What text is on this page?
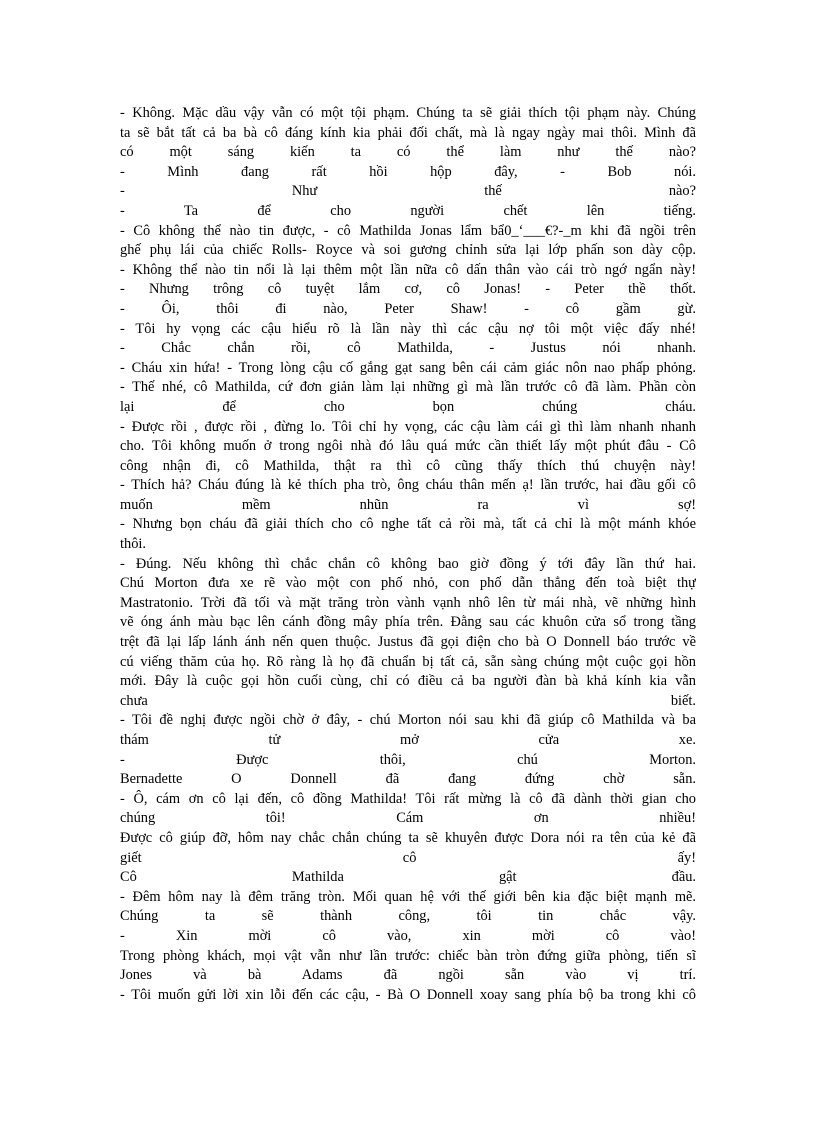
- Không. Mặc dầu vậy vẫn có một tội phạm. Chúng ta sẽ giải thích tội phạm này. Chúng
ta sẽ bắt tất cả ba bà cô đáng kính kia phải đối chất, mà là ngay ngày mai thôi. Mình đã
có một sáng kiến ta có thể làm như thế nào?
- Mình đang rất hồi hộp đây, - Bob nói.
- Như thế nào?
- Ta để cho người chết lên tiếng.
- Cô không thể nào tin được, - cô Mathilda Jonas lẩm bẩ0_‘___€?-_m khi đã ngồi trên
ghế phụ lái của chiếc Rolls- Royce và soi gương chỉnh sửa lại lớp phấn son dày cộp.
- Không thể nào tin nổi là lại thêm một lần nữa cô dấn thân vào cái trò ngớ ngẩn này!
- Nhưng trông cô tuyệt lắm cơ, cô Jonas! - Peter thề thốt.
- Ôi, thôi đi nào, Peter Shaw! - cô gầm gừ.
- Tôi hy vọng các cậu hiểu rõ là lần này thì các cậu nợ tôi một việc đấy nhé!
- Chắc chắn rồi, cô Mathilda, - Justus nói nhanh.
- Cháu xin hứa! - Trong lòng cậu cố gắng gạt sang bên cái cảm giác nôn nao phấp phỏng.
- Thế nhé, cô Mathilda, cứ đơn giản làm lại những gì mà lần trước cô đã làm. Phần còn
lại để cho bọn chúng cháu.
- Được rồi , được rồi , đừng lo. Tôi chỉ hy vọng, các cậu làm cái gì thì làm nhanh nhanh
cho. Tôi không muốn ở trong ngôi nhà đó lâu quá mức cần thiết lấy một phút đâu - Cô
công nhận đi, cô Mathilda, thật ra thì cô cũng thấy thích thú chuyện này!
- Thích hả? Cháu đúng là kẻ thích pha trò, ông cháu thân mến ạ! lần trước, hai đầu gối cô
muốn mềm nhũn ra vì sợ!
- Nhưng bọn cháu đã giải thích cho cô nghe tất cả rồi mà, tất cả chỉ là một mánh khóe
thôi.
- Đúng. Nếu không thì chắc chắn cô không bao giờ đồng ý tới đây lần thứ hai.
Chú Morton đưa xe rẽ vào một con phố nhỏ, con phố dẫn thẳng đến toà biệt thự
Mastratonio. Trời đã tối và mặt trăng tròn vành vạnh nhô lên từ mái nhà, vẽ những hình
vẽ óng ánh màu bạc lên cánh đồng mây phía trên. Đằng sau các khuôn cửa sổ trong tầng
trệt đã lại lấp lánh ánh nến quen thuộc. Justus đã gọi điện cho bà O Donnell báo trước về
cú viếng thăm của họ. Rõ ràng là họ đã chuẩn bị tất cả, sẵn sàng chúng một cuộc gọi hồn
mới. Đây là cuộc gọi hồn cuối cùng, chỉ có điều cả ba người đàn bà khả kính kia vẫn
chưa biết.
- Tôi đề nghị được ngồi chờ ở đây, - chú Morton nói sau khi đã giúp cô Mathilda và ba
thám tử mở cửa xe.
- Được thôi, chú Morton.
Bernadette O Donnell đã đang đứng chờ sẵn.
- Ô, cám ơn cô lại đến, cô đồng Mathilda! Tôi rất mừng là cô đã dành thời gian cho
chúng tôi! Cám ơn nhiều!
Được cô giúp đỡ, hôm nay chắc chắn chúng ta sẽ khuyên được Dora nói ra tên của kẻ đã
giết cô ấy!
Cô Mathilda gật đầu.
- Đêm hôm nay là đêm trăng tròn. Mối quan hệ với thế giới bên kia đặc biệt mạnh mẽ.
Chúng ta sẽ thành công, tôi tin chắc vậy.
- Xin mời cô vào, xin mời cô vào!
Trong phòng khách, mọi vật vẫn như lần trước: chiếc bàn tròn đứng giữa phòng, tiến sĩ
Jones và bà Adams đã ngồi sẵn vào vị trí.
- Tôi muốn gửi lời xin lỗi đến các cậu, - Bà O Donnell xoay sang phía bộ ba trong khi cô
